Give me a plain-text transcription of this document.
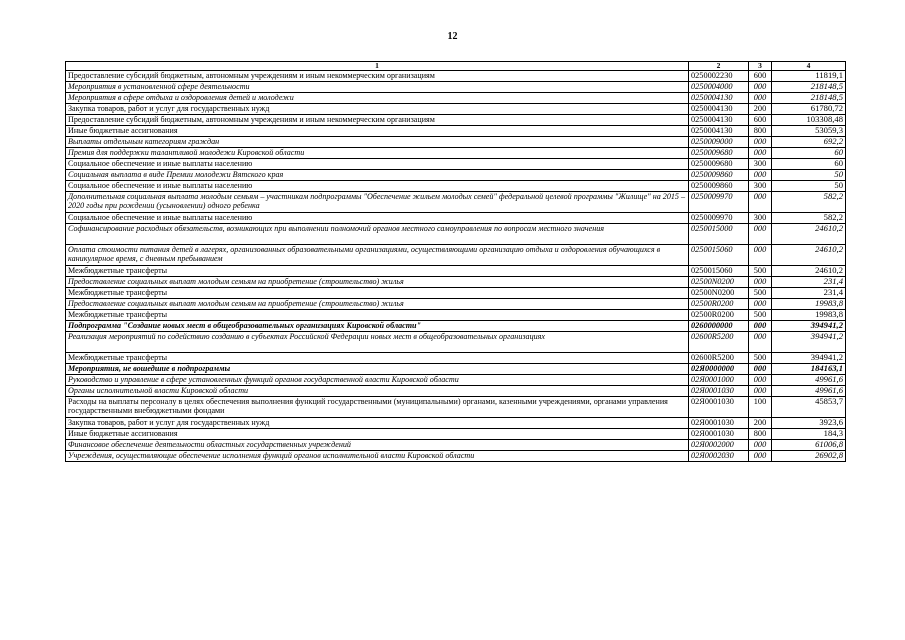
12
1	2	3	4
Предоставление субсидий бюджетным, автономным учреждениям и иным некоммерческим организациям	0250002230	600	11819,1
Мероприятия в установленной сфере деятельности	0250004000	000	218148,5
Мероприятия в сфере отдыха и оздоровления детей и молодежи	0250004130	000	218148,5
Закупка товаров, работ и услуг для государственных нужд	0250004130	200	61780,72
Предоставление субсидий бюджетным, автономным учреждениям и иным некоммерческим организациям	0250004130	600	103308,48
Иные бюджетные ассигнования	0250004130	800	53059,3
Выплаты отдельным категориям граждан	0250009000	000	692,2
Премия для поддержки талантливой молодежи Кировской области	0250009680	000	60
Социальное обеспечение и иные выплаты населению	0250009680	300	60
Социальная выплата в виде Премии молодежи Вятского края	0250009860	000	50
Социальное обеспечение и иные выплаты населению	0250009860	300	50
Дополнительная социальная выплата молодым семьям – участникам подпрограммы "Обеспечение жильем молодых семей" федеральной целевой программы "Жилище" на 2015 – 2020 годы при рождении (усыновлении) одного ребенка	0250009970	000	582,2
Социальное обеспечение и иные выплаты населению	0250009970	300	582,2
Софинансирование расходных обязательств, возникающих при выполнении полномочий органов местного самоуправления по вопросам местного значения	0250015000	000	24610,2
Оплата стоимости питания детей в лагерях, организованных образовательными организациями, осуществляющими организацию отдыха и оздоровления обучающихся в каникулярное время, с дневным пребыванием	0250015060	000	24610,2
Межбюджетные трансферты	0250015060	500	24610,2
Предоставление социальных выплат молодым семьям на приобретение (строительство) жилья	02500N0200	000	231,4
Межбюджетные трансферты	02500N0200	500	231,4
Предоставление социальных выплат молодым семьям на приобретение (строительство) жилья	02500R0200	000	19983,8
Межбюджетные трансферты	02500R0200	500	19983,8
Подпрограмма "Создание новых мест в общеобразовательных организациях Кировской области"	0260000000	000	394941,2
Реализация мероприятий по содействию созданию в субъектах Российской Федерации новых мест в общеобразовательных организациях	02600R5200	000	394941,2
Межбюджетные трансферты	02600R5200	500	394941,2
Мероприятия, не вошедшие в подпрограммы	02Я0000000	000	184163,1
Руководство и управление в сфере установленных функций органов государственной власти Кировской области	02Я0001000	000	49961,6
Органы исполнительной власти Кировской области	02Я0001030	000	49961,6
Расходы на выплаты персоналу в целях обеспечения выполнения функций государственными (муниципальными) органами, казенными учреждениями, органами управления государственными внебюджетными фондами	02Я0001030	100	45853,7
Закупка товаров, работ и услуг для государственных нужд	02Я0001030	200	3923,6
Иные бюджетные ассигнования	02Я0001030	800	184,3
Финансовое обеспечение деятельности областных государственных учреждений	02Я0002000	000	61006,8
Учреждения, осуществляющие обеспечение исполнения функций органов исполнительной власти Кировской области	02Я0002030	000	26902,8
